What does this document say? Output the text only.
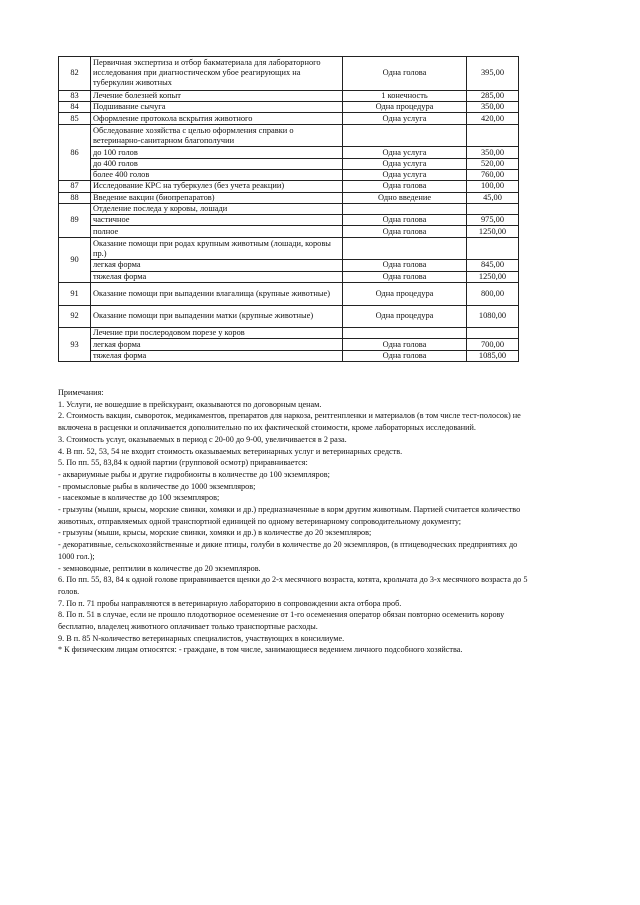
82	Первичная экспертиза и отбор бакматериала для лабораторного исследования при диагностическом убое реагирующих на туберкулин животных	Одна голова	395,00
83	Лечение болезней копыт	1 конечность	285,00
84	Подшивание сычуга	Одна процедура	350,00
85	Оформление протокола вскрытия животного	Одна услуга	420,00
86	Обследование хозяйства с целью оформления справки о ветеринарно-санитарном благополучии		
	до 100 голов	Одна услуга	350,00
	до 400 голов	Одна услуга	520,00
	более 400 голов	Одна услуга	760,00
87	Исследование КРС на туберкулез (без учета реакции)	Одна голова	100,00
88	Введение вакцин (биопрепаратов)	Одно введение	45,00
89	Отделение последа у коровы, лошади		
	частичное	Одна голова	975,00
	полное	Одна голова	1250,00
90	Оказание помощи при родах крупным животным (лошади, коровы пр.)		
	легкая форма	Одна голова	845,00
	тяжелая форма	Одна голова	1250,00
91	Оказание помощи при выпадении влагалища (крупные животные)	Одна процедура	800,00
92	Оказание помощи при выпадении матки (крупные животные)	Одна процедура	1080,00
93	Лечение при послеродовом порезе у коров		
	легкая форма	Одна голова	700,00
	тяжелая форма	Одна голова	1085,00

Примечания:

1. Услуги, не вошедшие в прейскурант, оказываются по договорным ценам.

2. Стоимость вакцин, сывороток, медикаментов, препаратов для наркоза, рентгенпленки и материалов (в том числе тест-полосок) не включена в расценки и оплачивается дополнительно по их фактической стоимости, кроме лабораторных исследований.

3. Стоимость услуг, оказываемых в период с 20-00 до 9-00, увеличивается в 2 раза.

4. В пп. 52, 53, 54 не входит стоимость оказываемых ветеринарных услуг и ветеринарных средств.

5. По пп. 55, 83,84 к одной партии (групповой осмотр) приравнивается:

- аквариумные рыбы и другие гидробионты в количестве до 100 экземпляров;

- промысловые рыбы в количестве до 1000 экземпляров;

- насекомые в количестве до 100 экземпляров;

- грызуны (мыши, крысы, морские свинки, хомяки и др.) предназначенные в корм другим животным. Партией считается количество животных, отправляемых одной транспортной единицей по одному ветеринарному сопроводительному документу;

- грызуны (мыши, крысы, морские свинки, хомяки и др.) в количестве до 20 экземпляров;

- декоративные, сельскохозяйственные и дикие птицы, голуби в количестве до 20 экземпляров, (в птицеводческих предприятиях до 1000 гол.);

- земноводные, рептилии в количестве до 20 экземпляров.

6. По пп. 55, 83, 84 к одной голове приравнивается щенки до 2-х месячного возраста, котята, крольчата до 3-х месячного возраста до 5 голов.

7. По п. 71 пробы направляются в ветеринарную лабораторию в сопровождении акта отбора проб.

8. По п. 51 в случае, если не прошло плодотворное осеменение от 1-го осеменения оператор обязан повторно осеменить корову бесплатно, владелец животного оплачивает только транспортные расходы.

9. В п. 85 N-количество ветеринарных специалистов, участвующих в консилиуме.

* К физическим лицам относятся: - граждане, в том числе, занимающиеся ведением личного подсобного хозяйства.
